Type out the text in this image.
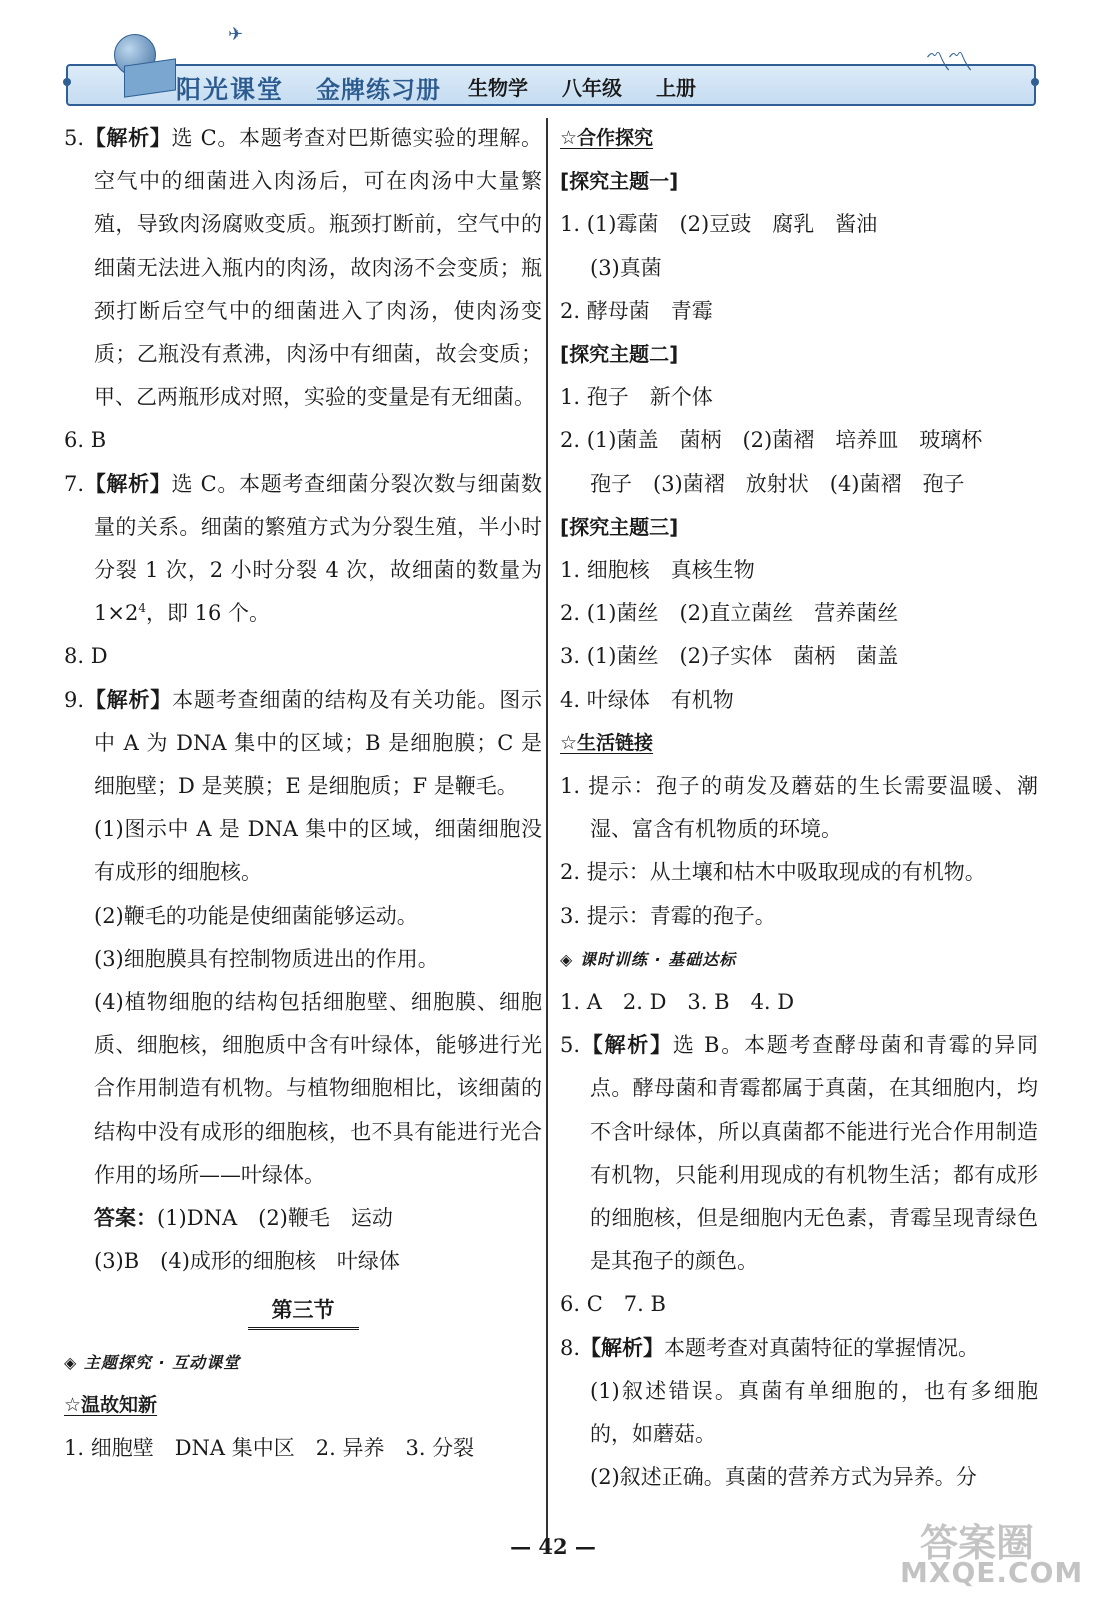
✈
阳光课堂 金牌练习册 生物学 八年级 上册
〽〽

5.【解析】选 C。本题考查对巴斯德实验的理解。空气中的细菌进入肉汤后，可在肉汤中大量繁殖，导致肉汤腐败变质。瓶颈打断前，空气中的细菌无法进入瓶内的肉汤，故肉汤不会变质；瓶颈打断后空气中的细菌进入了肉汤，使肉汤变质；乙瓶没有煮沸，肉汤中有细菌，故会变质；甲、乙两瓶形成对照，实验的变量是有无细菌。

6. B

7.【解析】选 C。本题考查细菌分裂次数与细菌数量的关系。细菌的繁殖方式为分裂生殖，半小时分裂 1 次，2 小时分裂 4 次，故细菌的数量为 $1\times 2^4$，即 16 个。

8. D

9.【解析】本题考查细菌的结构及有关功能。图示中 A 为 DNA 集中的区域；B 是细胞膜；C 是细胞壁；D 是荚膜；E 是细胞质；F 是鞭毛。

(1)图示中 A 是 DNA 集中的区域，细菌细胞没有成形的细胞核。

(2)鞭毛的功能是使细菌能够运动。

(3)细胞膜具有控制物质进出的作用。

(4)植物细胞的结构包括细胞壁、细胞膜、细胞质、细胞核，细胞质中含有叶绿体，能够进行光合作用制造有机物。与植物细胞相比，该细菌的结构中没有成形的细胞核，也不具有能进行光合作用的场所——叶绿体。

答案：(1)DNA　(2)鞭毛　运动

(3)B　(4)成形的细胞核　叶绿体

第三节

◈ 主题探究 · 互动课堂

☆温故知新

1. 细胞壁　DNA 集中区　2. 异养　3. 分裂

☆合作探究

[探究主题一]

1. (1)霉菌　(2)豆豉　腐乳　酱油

(3)真菌

2. 酵母菌　青霉

[探究主题二]

1. 孢子　新个体

2. (1)菌盖　菌柄　(2)菌褶　培养皿　玻璃杯

孢子　(3)菌褶　放射状　(4)菌褶　孢子

[探究主题三]

1. 细胞核　真核生物

2. (1)菌丝　(2)直立菌丝　营养菌丝

3. (1)菌丝　(2)子实体　菌柄　菌盖

4. 叶绿体　有机物

☆生活链接

1. 提示：孢子的萌发及蘑菇的生长需要温暖、潮湿、富含有机物质的环境。

2. 提示：从土壤和枯木中吸取现成的有机物。

3. 提示：青霉的孢子。

◈ 课时训练 · 基础达标

1. A　2. D　3. B　4. D

5.【解析】选 B。本题考查酵母菌和青霉的异同点。酵母菌和青霉都属于真菌，在其细胞内，均不含叶绿体，所以真菌都不能进行光合作用制造有机物，只能利用现成的有机物生活；都有成形的细胞核，但是细胞内无色素，青霉呈现青绿色是其孢子的颜色。

6. C　7. B

8.【解析】本题考查对真菌特征的掌握情况。

(1)叙述错误。真菌有单细胞的，也有多细胞的，如蘑菇。

(2)叙述正确。真菌的营养方式为异养。分

— 42 —	答案圈
MXQE.COM
